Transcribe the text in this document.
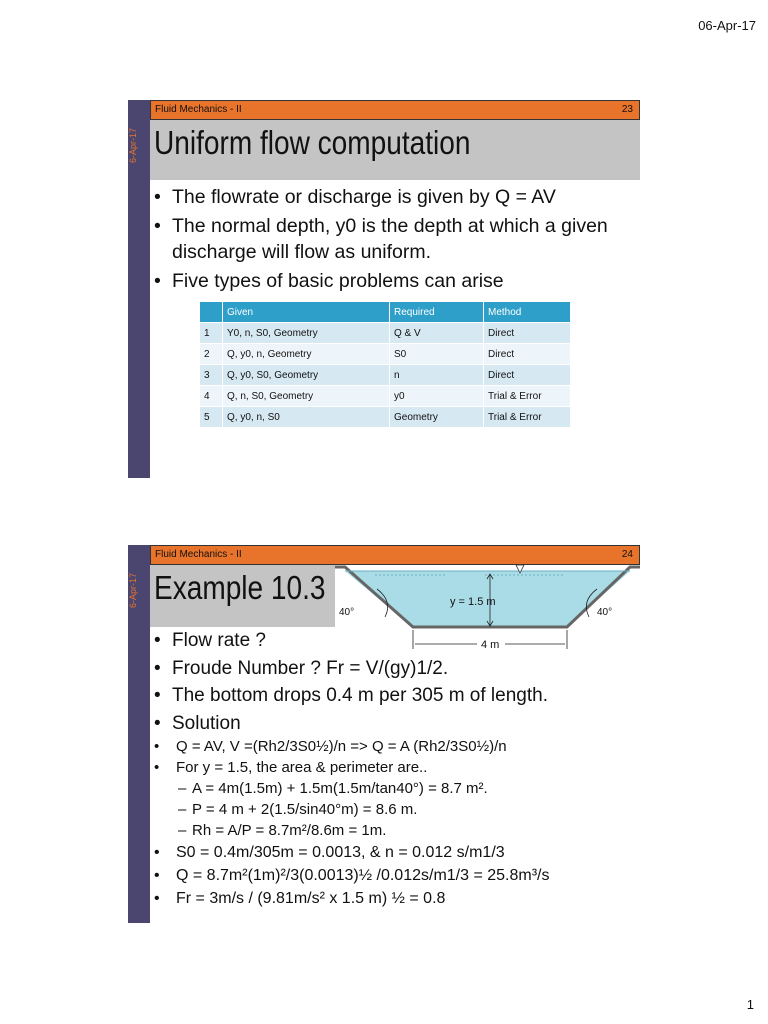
06-Apr-17
6-Apr-17
Fluid Mechanics - II	23
Uniform flow computation
• The flowrate or discharge is given by Q = AV
• The normal depth, y0 is the depth at which a given discharge will flow as uniform.
• Five types of basic problems can arise
	Given	Required	Method
1	Y0, n, S0, Geometry	Q & V	Direct
2	Q, y0, n, Geometry	S0	Direct
3	Q, y0, S0, Geometry	n	Direct
4	Q, n, S0, Geometry	y0	Trial & Error
5	Q, y0, n, S0	Geometry	Trial & Error
6-Apr-17
Fluid Mechanics - II	24
Example 10.3	y = 1.5 m
40°	40°
4 m
• Flow rate ?
• Froude Number ? Fr = V/(gy)1/2.
• The bottom drops 0.4 m per 305 m of length.
• Solution
• Q = AV, V =(Rh2/3S0½)/n => Q = A (Rh2/3S0½)/n
• For y = 1.5, the area & perimeter are..
– A = 4m(1.5m) + 1.5m(1.5m/tan40°) = 8.7 m².
– P = 4 m + 2(1.5/sin40°m) = 8.6 m.
– Rh = A/P = 8.7m²/8.6m = 1m.
• S0 = 0.4m/305m = 0.0013, & n = 0.012 s/m1/3
• Q = 8.7m²(1m)²/3(0.0013)½ /0.012s/m1/3 = 25.8m³/s
• Fr = 3m/s / (9.81m/s² x 1.5 m) ½ = 0.8
1
